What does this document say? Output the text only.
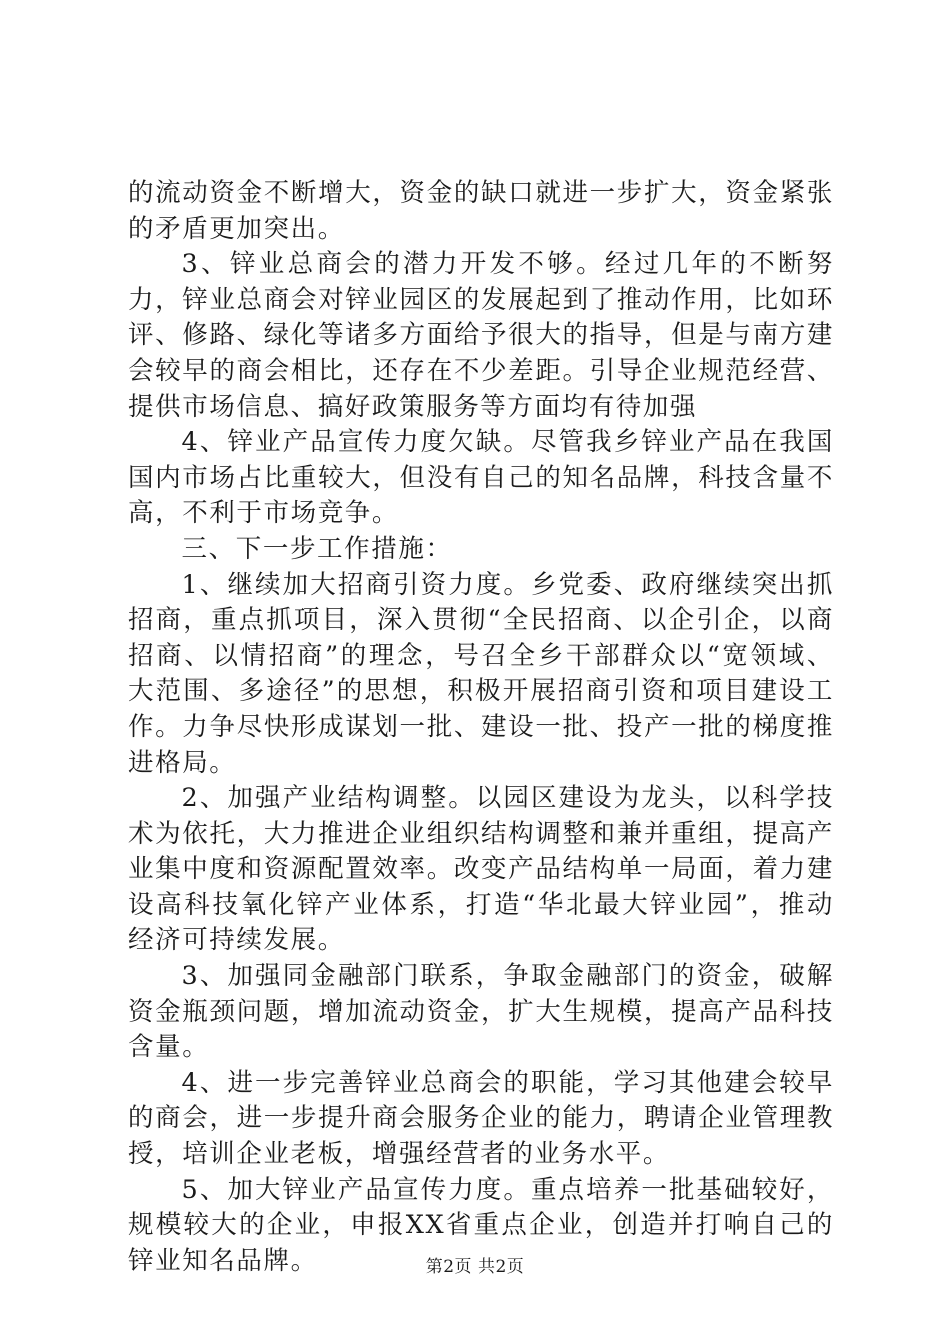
的流动资金不断增大，资金的缺口就进一步扩大，资金紧张的矛盾更加突出。

3、锌业总商会的潜力开发不够。经过几年的不断努力，锌业总商会对锌业园区的发展起到了推动作用，比如环评、修路、绿化等诸多方面给予很大的指导，但是与南方建会较早的商会相比，还存在不少差距。引导企业规范经营、提供市场信息、搞好政策服务等方面均有待加强

4、锌业产品宣传力度欠缺。尽管我乡锌业产品在我国国内市场占比重较大，但没有自己的知名品牌，科技含量不高，不利于市场竞争。

三、下一步工作措施：

1、继续加大招商引资力度。乡党委、政府继续突出抓招商，重点抓项目，深入贯彻“全民招商、以企引企，以商招商、以情招商”的理念，号召全乡干部群众以“宽领域、大范围、多途径”的思想，积极开展招商引资和项目建设工作。力争尽快形成谋划一批、建设一批、投产一批的梯度推进格局。

2、加强产业结构调整。以园区建设为龙头，以科学技术为依托，大力推进企业组织结构调整和兼并重组，提高产业集中度和资源配置效率。改变产品结构单一局面，着力建设高科技氧化锌产业体系，打造“华北最大锌业园”，推动经济可持续发展。

3、加强同金融部门联系，争取金融部门的资金，破解资金瓶颈问题，增加流动资金，扩大生规模，提高产品科技含量。

4、进一步完善锌业总商会的职能，学习其他建会较早的商会，进一步提升商会服务企业的能力，聘请企业管理教授，培训企业老板，增强经营者的业务水平。

5、加大锌业产品宣传力度。重点培养一批基础较好，规模较大的企业，申报XX省重点企业，创造并打响自己的锌业知名品牌。	第2页 共2页
